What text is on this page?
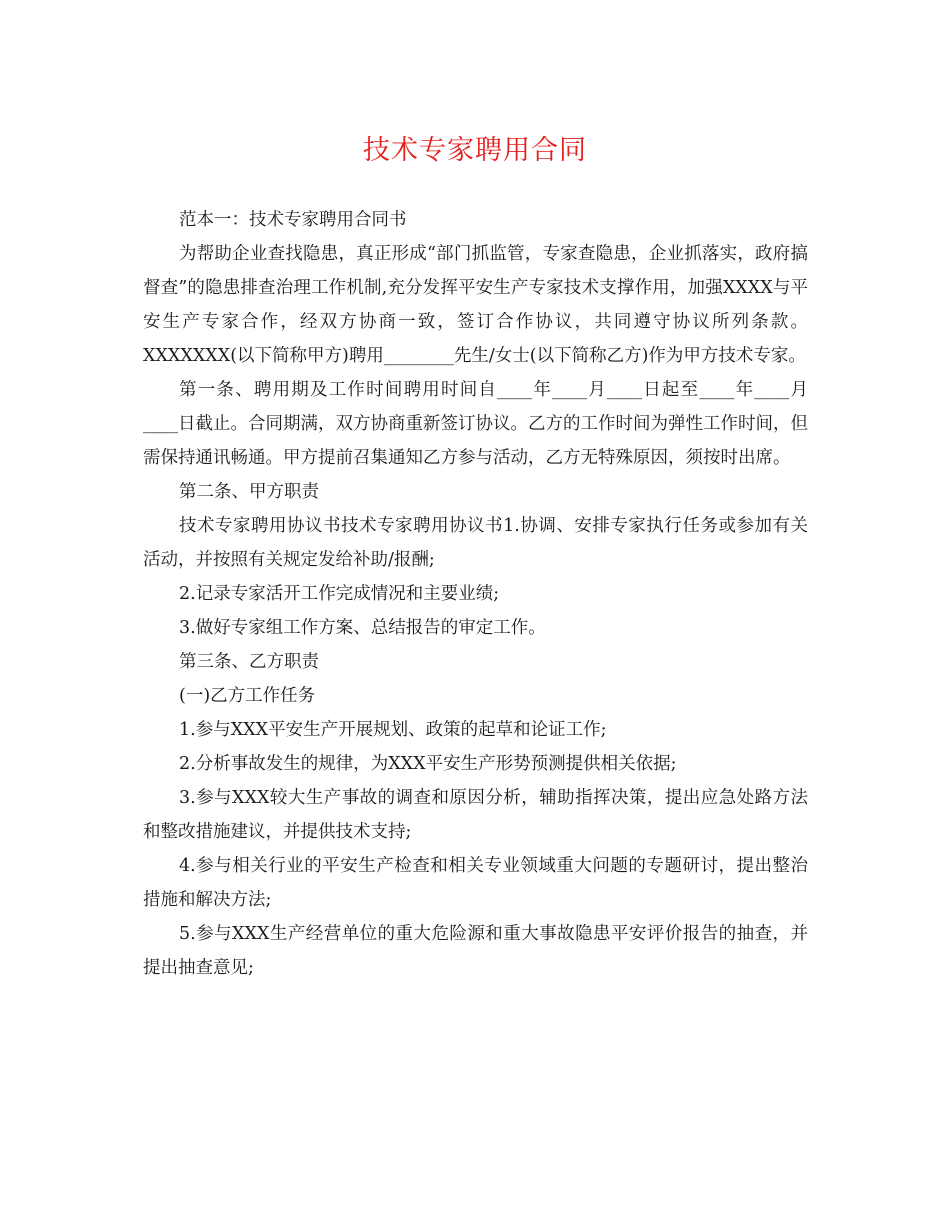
技术专家聘用合同

范本一：技术专家聘用合同书

为帮助企业查找隐患，真正形成“部门抓监管，专家查隐患，企业抓落实，政府搞督查”的隐患排查治理工作机制,充分发挥平安生产专家技术支撑作用，加强XXXX与平安生产专家合作，经双方协商一致，签订合作协议，共同遵守协议所列条款。XXXXXXX(以下简称甲方)聘用________先生/女士(以下简称乙方)作为甲方技术专家。

第一条、聘用期及工作时间聘用时间自____年____月____日起至____年____月____日截止。合同期满，双方协商重新签订协议。乙方的工作时间为弹性工作时间，但需保持通讯畅通。甲方提前召集通知乙方参与活动，乙方无特殊原因，须按时出席。

第二条、甲方职责

技术专家聘用协议书技术专家聘用协议书1.协调、安排专家执行任务或参加有关活动，并按照有关规定发给补助/报酬;

2.记录专家活开工作完成情况和主要业绩;

3.做好专家组工作方案、总结报告的审定工作。

第三条、乙方职责

(一)乙方工作任务

1.参与XXX平安生产开展规划、政策的起草和论证工作;

2.分析事故发生的规律，为XXX平安生产形势预测提供相关依据;

3.参与XXX较大生产事故的调查和原因分析，辅助指挥决策，提出应急处路方法和整改措施建议，并提供技术支持;

4.参与相关行业的平安生产检查和相关专业领域重大问题的专题研讨，提出整治措施和解决方法;

5.参与XXX生产经营单位的重大危险源和重大事故隐患平安评价报告的抽查，并提出抽查意见;
